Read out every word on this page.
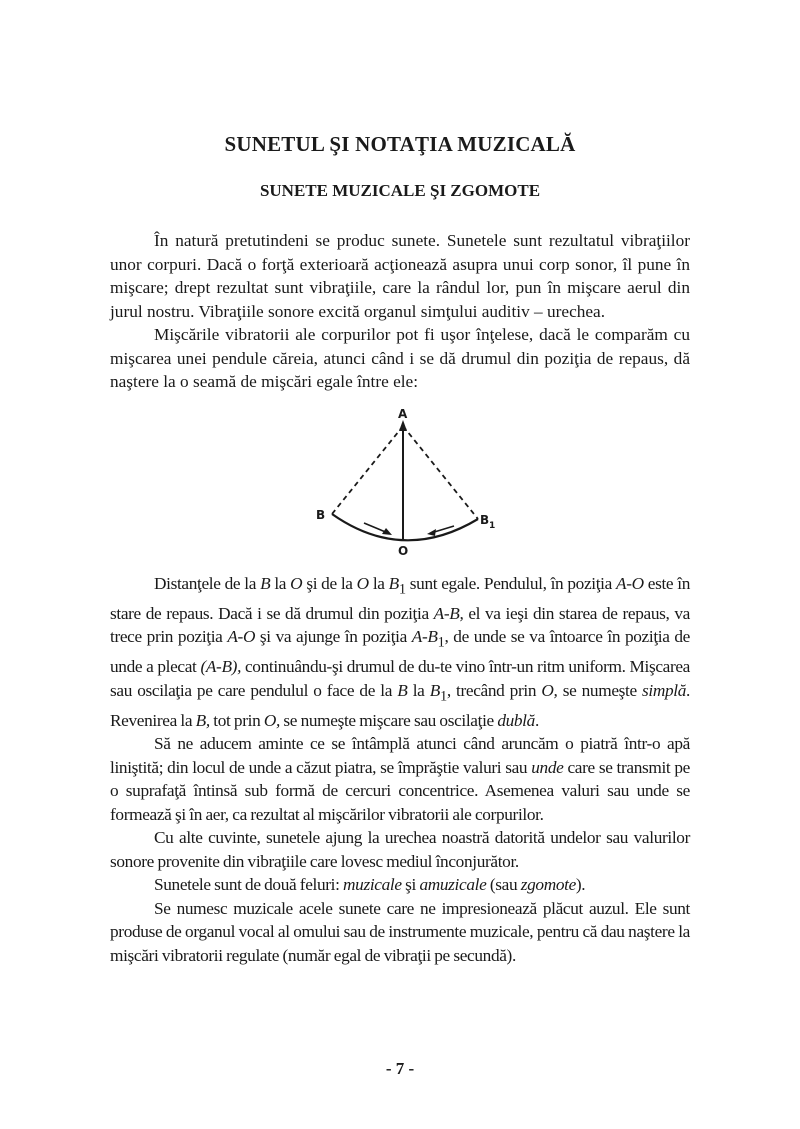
SUNETUL ŞI NOTAŢIA MUZICALĂ
SUNETE MUZICALE ŞI ZGOMOTE

În natură pretutindeni se produc sunete. Sunetele sunt rezultatul vibraţiilor unor corpuri. Dacă o forţă exterioară acţionează asupra unui corp sonor, îl pune în mişcare; drept rezultat sunt vibraţiile, care la rândul lor, pun în mişcare aerul din jurul nostru. Vibraţiile sonore excită organul simţului auditiv – urechea.

Mişcările vibratorii ale corpurilor pot fi uşor înţelese, dacă le comparăm cu mişcarea unei pendule căreia, atunci când i se dă drumul din poziţia de repaus, dă naştere la o seamă de mişcări egale între ele:

A
B	B 1
O

Distanţele de la B la O şi de la O la $B_1$ sunt egale. Pendulul, în poziţia A-O este în stare de repaus. Dacă i se dă drumul din poziţia A-B, el va ieşi din starea de repaus, va trece prin poziţia A-O şi va ajunge în poziţia $A-B_1$, de unde se va întoarce în poziţia de unde a plecat (A-B), continuându-şi drumul de du-te vino într-un ritm uniform. Mişcarea sau oscilaţia pe care pendulul o face de la B la $B_1$, trecând prin O, se numeşte simplă. Revenirea la B, tot prin O, se numeşte mişcare sau oscilaţie dublă.

Să ne aducem aminte ce se întâmplă atunci când aruncăm o piatră într-o apă liniştită; din locul de unde a căzut piatra, se împrăştie valuri sau unde care se transmit pe o suprafaţă întinsă sub formă de cercuri concentrice. Asemenea valuri sau unde se formează şi în aer, ca rezultat al mişcărilor vibratorii ale corpurilor.

Cu alte cuvinte, sunetele ajung la urechea noastră datorită undelor sau valurilor sonore provenite din vibraţiile care lovesc mediul înconjurător.

Sunetele sunt de două feluri: muzicale şi amuzicale (sau zgomote).

Se numesc muzicale acele sunete care ne impresionează plăcut auzul. Ele sunt produse de organul vocal al omului sau de instrumente muzicale, pentru că dau naştere la mişcări vibratorii regulate (număr egal de vibraţii pe secundă).

- 7 -
